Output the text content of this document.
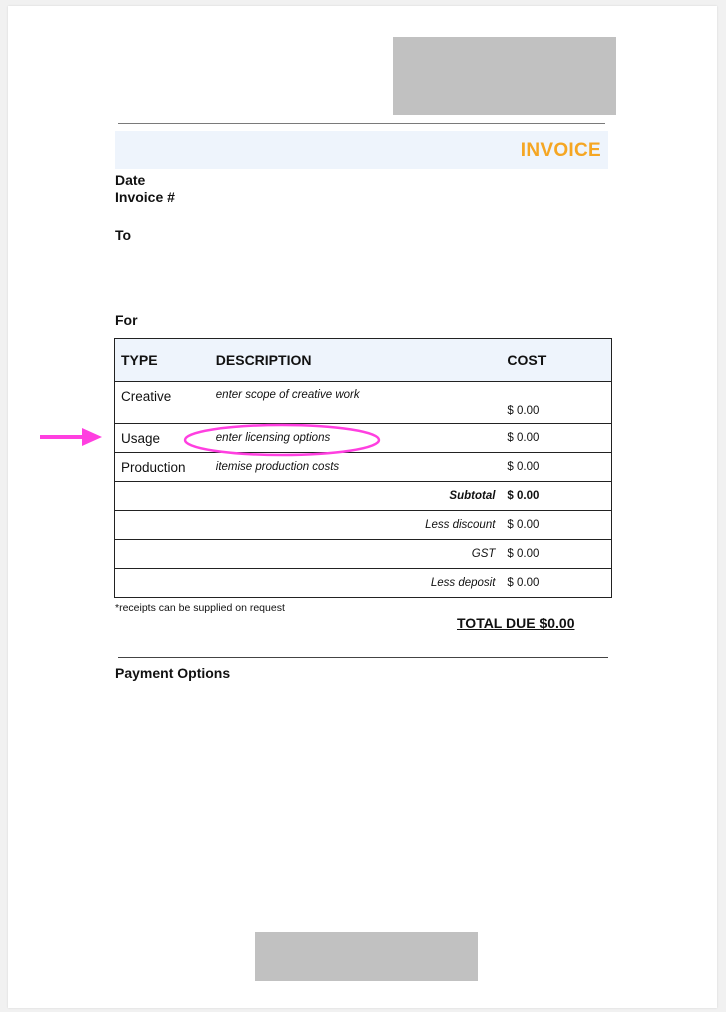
INVOICE
Date
Invoice #
To
For
TYPE	DESCRIPTION	COST
Creative	enter scope of creative work	$ 0.00
Usage	enter licensing options	$ 0.00
Production	itemise production costs	$ 0.00
Subtotal		$ 0.00
Less discount		$ 0.00
GST		$ 0.00
Less deposit		$ 0.00
*receipts can be supplied on request
TOTAL DUE $0.00
Payment Options
